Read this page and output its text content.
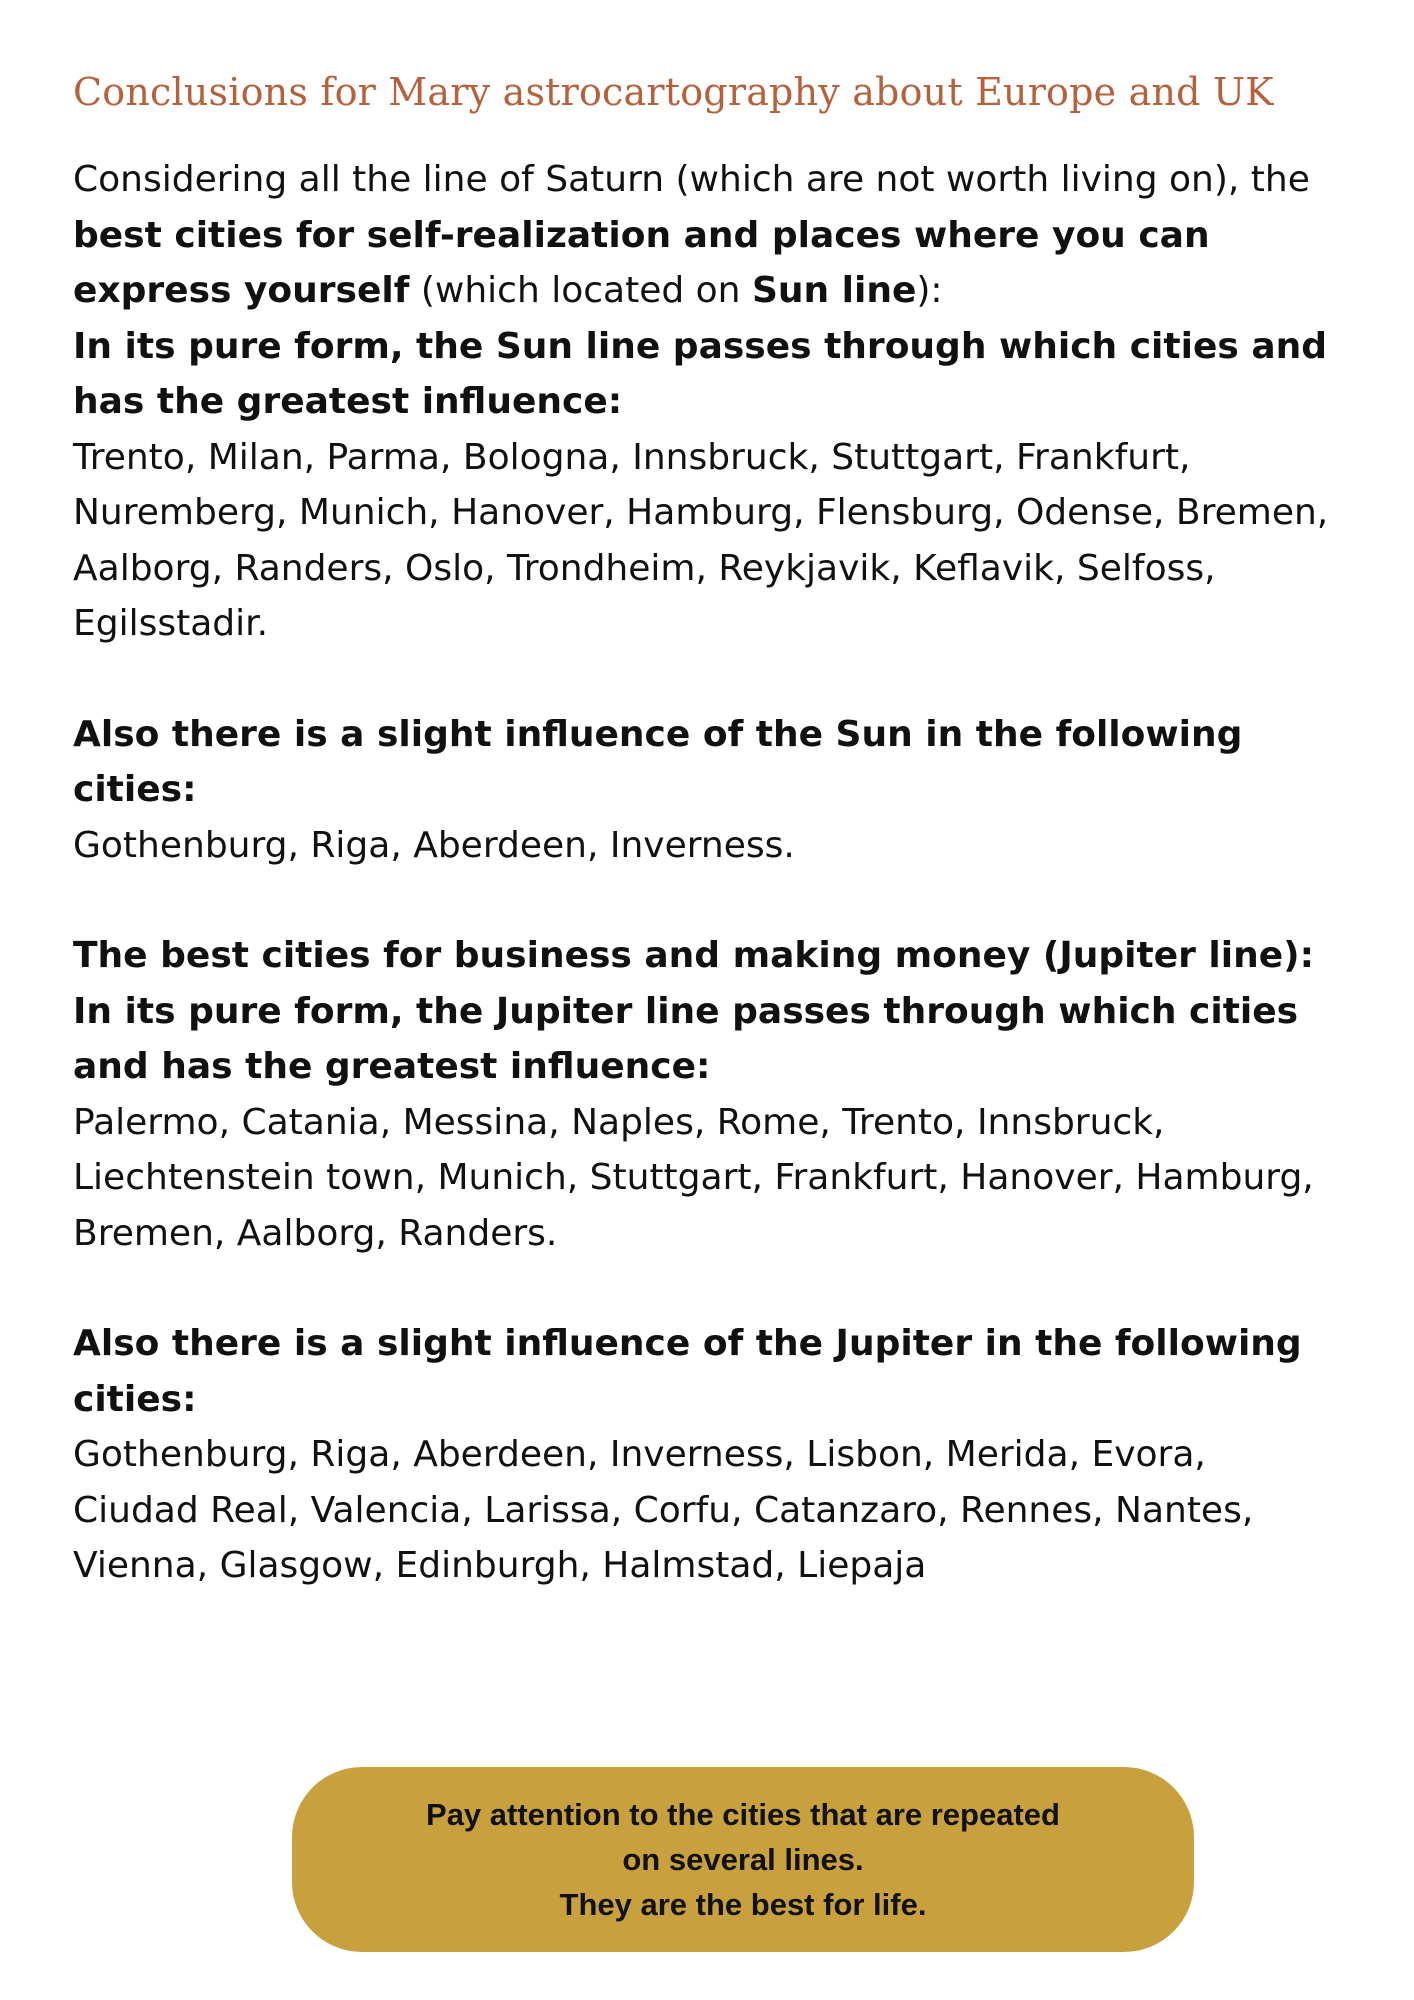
Conclusions for Mary astrocartography about Europe and UK

Considering all the line of Saturn (which are not worth living on), the best cities for self-realization and places where you can express yourself (which located on Sun line):

In its pure form, the Sun line passes through which cities and has the greatest influence:

Trento, Milan, Parma, Bologna, Innsbruck, Stuttgart, Frankfurt, Nuremberg, Munich, Hanover, Hamburg, Flensburg, Odense, Bremen, Aalborg, Randers, Oslo, Trondheim, Reykjavik, Keflavik, Selfoss, Egilsstadir.

Also there is a slight influence of the Sun in the following cities:

Gothenburg, Riga, Aberdeen, Inverness.

The best cities for business and making money (Jupiter line):

In its pure form, the Jupiter line passes through which cities and has the greatest influence:

Palermo, Catania, Messina, Naples, Rome, Trento, Innsbruck, Liechtenstein town, Munich, Stuttgart, Frankfurt, Hanover, Hamburg, Bremen, Aalborg, Randers.

Also there is a slight influence of the Jupiter in the following cities:

Gothenburg, Riga, Aberdeen, Inverness, Lisbon, Merida, Evora, Ciudad Real, Valencia, Larissa, Corfu, Catanzaro, Rennes, Nantes, Vienna, Glasgow, Edinburgh, Halmstad, Liepaja

Pay attention to the cities that are repeated
on several lines.
They are the best for life.
